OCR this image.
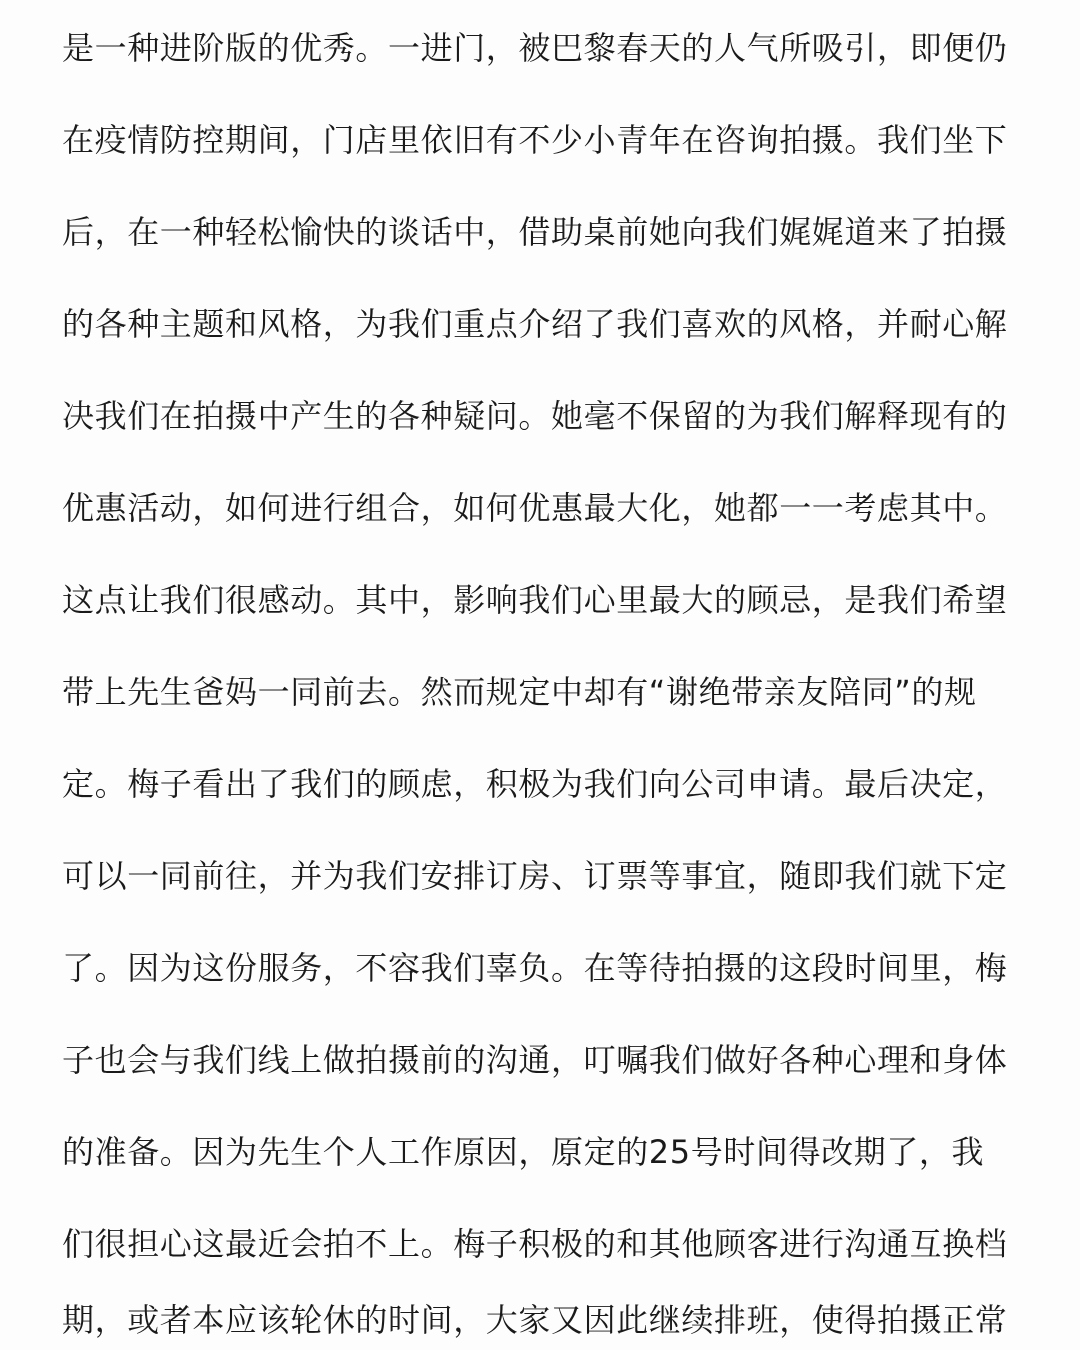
是一种进阶版的优秀。一进门，被巴黎春天的人气所吸引，即便仍
在疫情防控期间，门店里依旧有不少小青年在咨询拍摄。我们坐下
后，在一种轻松愉快的谈话中，借助桌前她向我们娓娓道来了拍摄
的各种主题和风格，为我们重点介绍了我们喜欢的风格，并耐心解
决我们在拍摄中产生的各种疑问。她毫不保留的为我们解释现有的
优惠活动，如何进行组合，如何优惠最大化，她都一一考虑其中。
这点让我们很感动。其中，影响我们心里最大的顾忌，是我们希望
带上先生爸妈一同前去。然而规定中却有“谢绝带亲友陪同”的规
定。梅子看出了我们的顾虑，积极为我们向公司申请。最后决定，
可以一同前往，并为我们安排订房、订票等事宜，随即我们就下定
了。因为这份服务，不容我们辜负。在等待拍摄的这段时间里，梅
子也会与我们线上做拍摄前的沟通，叮嘱我们做好各种心理和身体
的准备。因为先生个人工作原因，原定的25号时间得改期了，我
们很担心这最近会拍不上。梅子积极的和其他顾客进行沟通互换档
期，或者本应该轮休的时间，大家又因此继续排班，使得拍摄正常
